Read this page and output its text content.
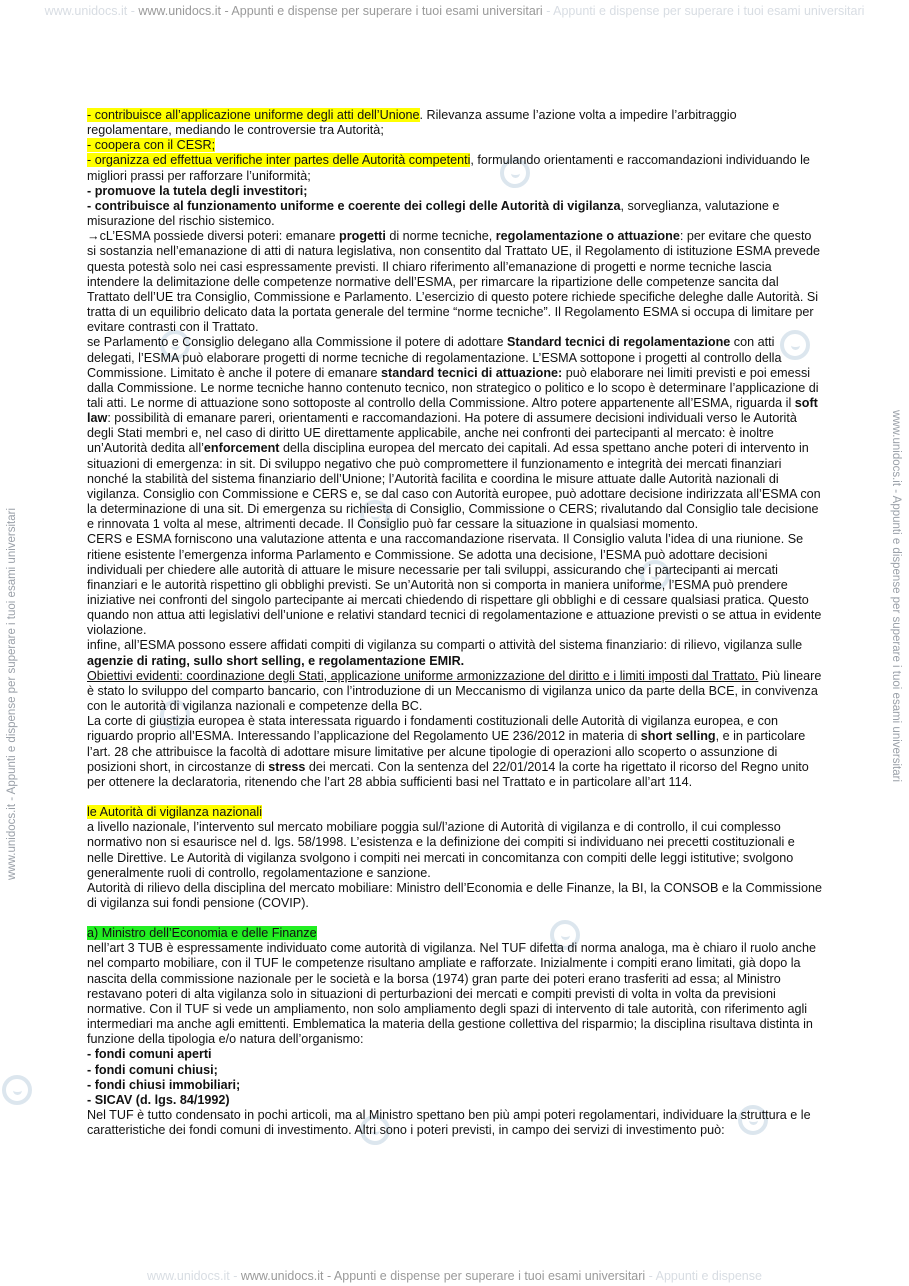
www.unidocs.it - www.unidocs.it - Appunti e dispense per superare i tuoi esami universitari - Appunti e dispense per superare i tuoi esami universitari
www.unidocs.it - www.unidocs.it - Appunti e dispense per superare i tuoi esami universitari - Appunti e dispense
www.unidocs.it - Appunti e dispense per superare i tuoi esami universitari	www.unidocs.it - Appunti e dispense per superare i tuoi esami universitari

- contribuisce all’applicazione uniforme degli atti dell’Unione. Rilevanza assume l’azione volta a impedire l’arbitraggio regolamentare, mediando le controversie tra Autorità;

- coopera con il CESR;

- organizza ed effettua verifiche inter partes delle Autorità competenti, formulando orientamenti e raccomandazioni individuando le migliori prassi per rafforzare l’uniformità;

- promuove la tutela degli investitori;

- contribuisce al funzionamento uniforme e coerente dei collegi delle Autorità di vigilanza, sorveglianza, valutazione e misurazione del rischio sistemico.

→cL’ESMA possiede diversi poteri: emanare progetti di norme tecniche, regolamentazione o attuazione: per evitare che questo si sostanzia nell’emanazione di atti di natura legislativa, non consentito dal Trattato UE, il Regolamento di istituzione ESMA prevede questa potestà solo nei casi espressamente previsti. Il chiaro riferimento all’emanazione di progetti e norme tecniche lascia intendere la delimitazione delle competenze normative dell’ESMA, per rimarcare la ripartizione delle competenze sancita dal Trattato dell’UE tra Consiglio, Commissione e Parlamento. L’esercizio di questo potere richiede specifiche deleghe dalle Autorità. Si tratta di un equilibrio delicato data la portata generale del termine “norme tecniche”. Il Regolamento ESMA si occupa di limitare per evitare contrasti con il Trattato.

se Parlamento e Consiglio delegano alla Commissione il potere di adottare Standard tecnici di regolamentazione con atti delegati, l’ESMA può elaborare progetti di norme tecniche di regolamentazione. L’ESMA sottopone i progetti al controllo della Commissione. Limitato è anche il potere di emanare standard tecnici di attuazione: può elaborare nei limiti previsti e poi emessi dalla Commissione. Le norme tecniche hanno contenuto tecnico, non strategico o politico e lo scopo è determinare l’applicazione di tali atti. Le norme di attuazione sono sottoposte al controllo della Commissione. Altro potere appartenente all’ESMA, riguarda il soft law: possibilità di emanare pareri, orientamenti e raccomandazioni. Ha potere di assumere decisioni individuali verso le Autorità degli Stati membri e, nel caso di diritto UE direttamente applicabile, anche nei confronti dei partecipanti al mercato: è inoltre un’Autorità dedita all’enforcement della disciplina europea del mercato dei capitali. Ad essa spettano anche poteri di intervento in situazioni di emergenza: in sit. Di sviluppo negativo che può compromettere il funzionamento e integrità dei mercati finanziari nonché la stabilità del sistema finanziario dell’Unione; l’Autorità facilita e coordina le misure attuate dalle Autorità nazionali di vigilanza. Consiglio con Commissione e CERS e, se dal caso con Autorità europee, può adottare decisione indirizzata all’ESMA con la determinazione di una sit. Di emergenza su richiesta di Consiglio, Commissione o CERS; rivalutando dal Consiglio tale decisione e rinnovata 1 volta al mese, altrimenti decade. Il Consiglio può far cessare la situazione in qualsiasi momento.

CERS e ESMA forniscono una valutazione attenta e una raccomandazione riservata. Il Consiglio valuta l’idea di una riunione. Se ritiene esistente l’emergenza informa Parlamento e Commissione. Se adotta una decisione, l’ESMA può adottare decisioni individuali per chiedere alle autorità di attuare le misure necessarie per tali sviluppi, assicurando che i partecipanti ai mercati finanziari e le autorità rispettino gli obblighi previsti. Se un’Autorità non si comporta in maniera uniforme, l’ESMA può prendere iniziative nei confronti del singolo partecipante ai mercati chiedendo di rispettare gli obblighi e di cessare qualsiasi pratica. Questo quando non attua atti legislativi dell’unione e relativi standard tecnici di regolamentazione e attuazione previsti o se attua in evidente violazione.

infine, all’ESMA possono essere affidati compiti di vigilanza su comparti o attività del sistema finanziario: di rilievo, vigilanza sulle agenzie di rating, sullo short selling, e regolamentazione EMIR.

Obiettivi evidenti: coordinazione degli Stati, applicazione uniforme armonizzazione del diritto e i limiti imposti dal Trattato. Più lineare è stato lo sviluppo del comparto bancario, con l’introduzione di un Meccanismo di vigilanza unico da parte della BCE, in convivenza con le autorità di vigilanza nazionali e competenze della BC.

La corte di giustizia europea è stata interessata riguardo i fondamenti costituzionali delle Autorità di vigilanza europea, e con riguardo proprio all’ESMA. Interessando l’applicazione del Regolamento UE 236/2012 in materia di short selling, e in particolare l’art. 28 che attribuisce la facoltà di adottare misure limitative per alcune tipologie di operazioni allo scoperto o assunzione di posizioni short, in circostanze di stress dei mercati. Con la sentenza del 22/01/2014 la corte ha rigettato il ricorso del Regno unito per ottenere la declaratoria, ritenendo che l’art 28 abbia sufficienti basi nel Trattato e in particolare all’art 114.

le Autorità di vigilanza nazionali

a livello nazionale, l’intervento sul mercato mobiliare poggia sul/l’azione di Autorità di vigilanza e di controllo, il cui complesso normativo non si esaurisce nel d. lgs. 58/1998. L’esistenza e la definizione dei compiti si individuano nei precetti costituzionali e nelle Direttive. Le Autorità di vigilanza svolgono i compiti nei mercati in concomitanza con compiti delle leggi istitutive; svolgono generalmente ruoli di controllo, regolamentazione e sanzione.

Autorità di rilievo della disciplina del mercato mobiliare: Ministro dell’Economia e delle Finanze, la BI, la CONSOB e la Commissione di vigilanza sui fondi pensione (COVIP).

a) Ministro dell’Economia e delle Finanze

nell’art 3 TUB è espressamente individuato come autorità di vigilanza. Nel TUF difetta di norma analoga, ma è chiaro il ruolo anche nel comparto mobiliare, con il TUF le competenze risultano ampliate e rafforzate. Inizialmente i compiti erano limitati, già dopo la nascita della commissione nazionale per le società e la borsa (1974) gran parte dei poteri erano trasferiti ad essa; al Ministro restavano poteri di alta vigilanza solo in situazioni di perturbazioni dei mercati e compiti previsti di volta in volta da previsioni normative. Con il TUF si vede un ampliamento, non solo ampliamento degli spazi di intervento di tale autorità, con riferimento agli intermediari ma anche agli emittenti. Emblematica la materia della gestione collettiva del risparmio; la disciplina risultava distinta in funzione della tipologia e/o natura dell’organismo:

- fondi comuni aperti

- fondi comuni chiusi;

- fondi chiusi immobiliari;

- SICAV (d. lgs. 84/1992)

Nel TUF è tutto condensato in pochi articoli, ma al Ministro spettano ben più ampi poteri regolamentari, individuare la struttura e le caratteristiche dei fondi comuni di investimento. Altri sono i poteri previsti, in campo dei servizi di investimento può:
